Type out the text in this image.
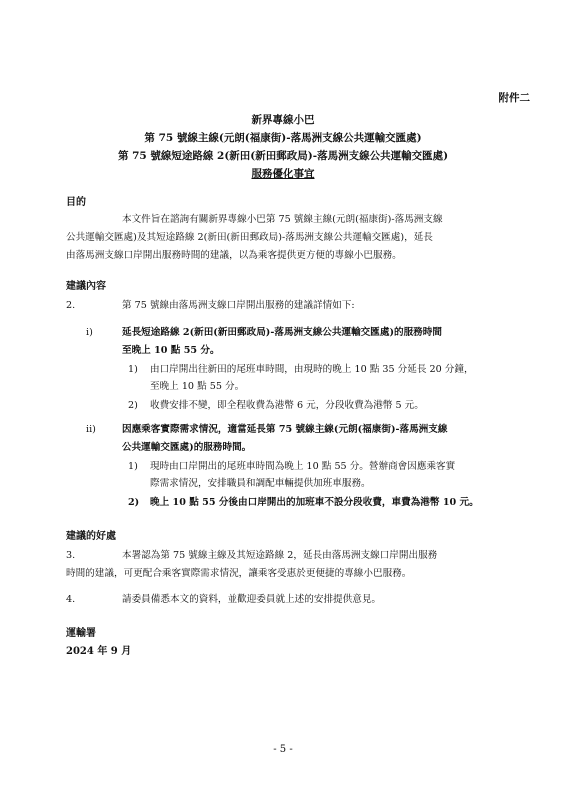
附件二
新界專線小巴
第 75 號線主線(元朗(福康街)-落馬洲支線公共運輸交匯處)
第 75 號線短途路線 2(新田(新田郵政局)-落馬洲支線公共運輸交匯處)
服務優化事宜
目的
本文件旨在諮詢有關新界專線小巴第 75 號線主線(元朗(福康街)-落馬洲支線
公共運輸交匯處)及其短途路線 2(新田(新田郵政局)-落馬洲支線公共運輸交匯處)，延長
由落馬洲支線口岸開出服務時間的建議，以為乘客提供更方便的專線小巴服務。
建議內容
2.	第 75 號線由落馬洲支線口岸開出服務的建議詳情如下:
i)	延長短途路線 2(新田(新田郵政局)-落馬洲支線公共運輸交匯處)的服務時間
至晚上 10 點 55 分。
1) 由口岸開出往新田的尾班車時間，由現時的晚上 10 點 35 分延長 20 分鐘，
至晚上 10 點 55 分。
2) 收費安排不變，即全程收費為港幣 6 元，分段收費為港幣 5 元。
ii)	因應乘客實際需求情況，適當延長第 75 號線主線(元朗(福康街)-落馬洲支線
公共運輸交匯處)的服務時間。
1) 現時由口岸開出的尾班車時間為晚上 10 點 55 分。營辦商會因應乘客實
際需求情況，安排職員和調配車輛提供加班車服務。
2) 晚上 10 點 55 分後由口岸開出的加班車不設分段收費，車費為港幣 10 元。
建議的好處
3.	本署認為第 75 號線主線及其短途路線 2，延長由落馬洲支線口岸開出服務
時間的建議，可更配合乘客實際需求情況，讓乘客受惠於更便捷的專線小巴服務。
4.	請委員備悉本文的資料，並歡迎委員就上述的安排提供意見。
運輸署
2024 年 9 月
- 5 -
